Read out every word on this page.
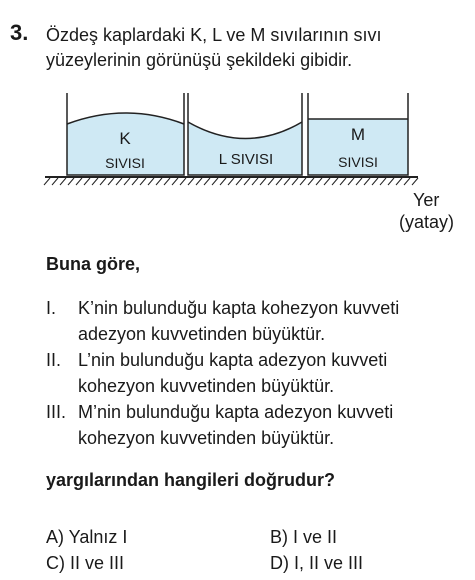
3. Özdeş kaplardaki K, L ve M sıvılarının sıvı
yüzeylerinin görünüşü şekildeki gibidir.
K
SIVISI	L SIVISI
M
SIVISI
Yer
(yatay)
Buna göre,
I. K’nin bulunduğu kapta kohezyon kuvveti
adezyon kuvvetinden büyüktür.
II. L’nin bulunduğu kapta adezyon kuvveti
kohezyon kuvvetinden büyüktür.
III. M’nin bulunduğu kapta adezyon kuvveti
kohezyon kuvvetinden büyüktür.
yargılarından hangileri doğrudur?
A) Yalnız I	B) I ve II
C) II ve III	D) I, II ve III
